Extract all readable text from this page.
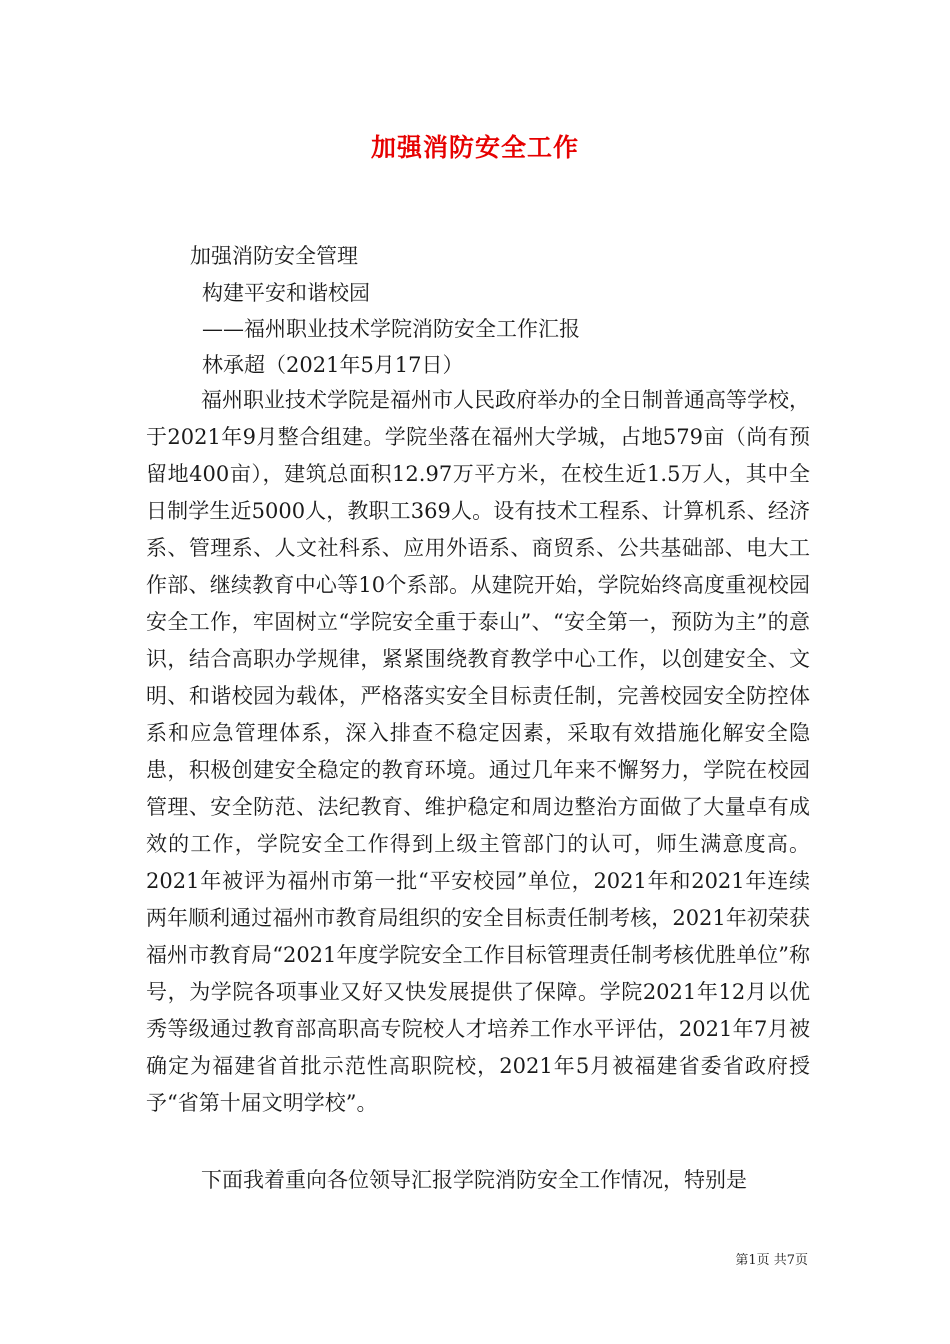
加强消防安全工作

加强消防安全管理

构建平安和谐校园

——福州职业技术学院消防安全工作汇报

林承超（2021年5月17日）

福州职业技术学院是福州市人民政府举办的全日制普通高等学校，于2021年9月整合组建。学院坐落在福州大学城，占地579亩（尚有预留地400亩），建筑总面积12.97万平方米，在校生近1.5万人，其中全日制学生近5000人，教职工369人。设有技术工程系、计算机系、经济系、管理系、人文社科系、应用外语系、商贸系、公共基础部、电大工作部、继续教育中心等10个系部。从建院开始，学院始终高度重视校园安全工作，牢固树立“学院安全重于泰山”、“安全第一，预防为主”的意识，结合高职办学规律，紧紧围绕教育教学中心工作，以创建安全、文明、和谐校园为载体，严格落实安全目标责任制，完善校园安全防控体系和应急管理体系，深入排查不稳定因素，采取有效措施化解安全隐患，积极创建安全稳定的教育环境。通过几年来不懈努力，学院在校园管理、安全防范、法纪教育、维护稳定和周边整治方面做了大量卓有成效的工作，学院安全工作得到上级主管部门的认可，师生满意度高。2021年被评为福州市第一批“平安校园”单位，2021年和2021年连续两年顺利通过福州市教育局组织的安全目标责任制考核，2021年初荣获福州市教育局“2021年度学院安全工作目标管理责任制考核优胜单位”称号，为学院各项事业又好又快发展提供了保障。学院2021年12月以优秀等级通过教育部高职高专院校人才培养工作水平评估，2021年7月被确定为福建省首批示范性高职院校，2021年5月被福建省委省政府授予“省第十届文明学校”。

下面我着重向各位领导汇报学院消防安全工作情况，特别是

第1页 共7页
